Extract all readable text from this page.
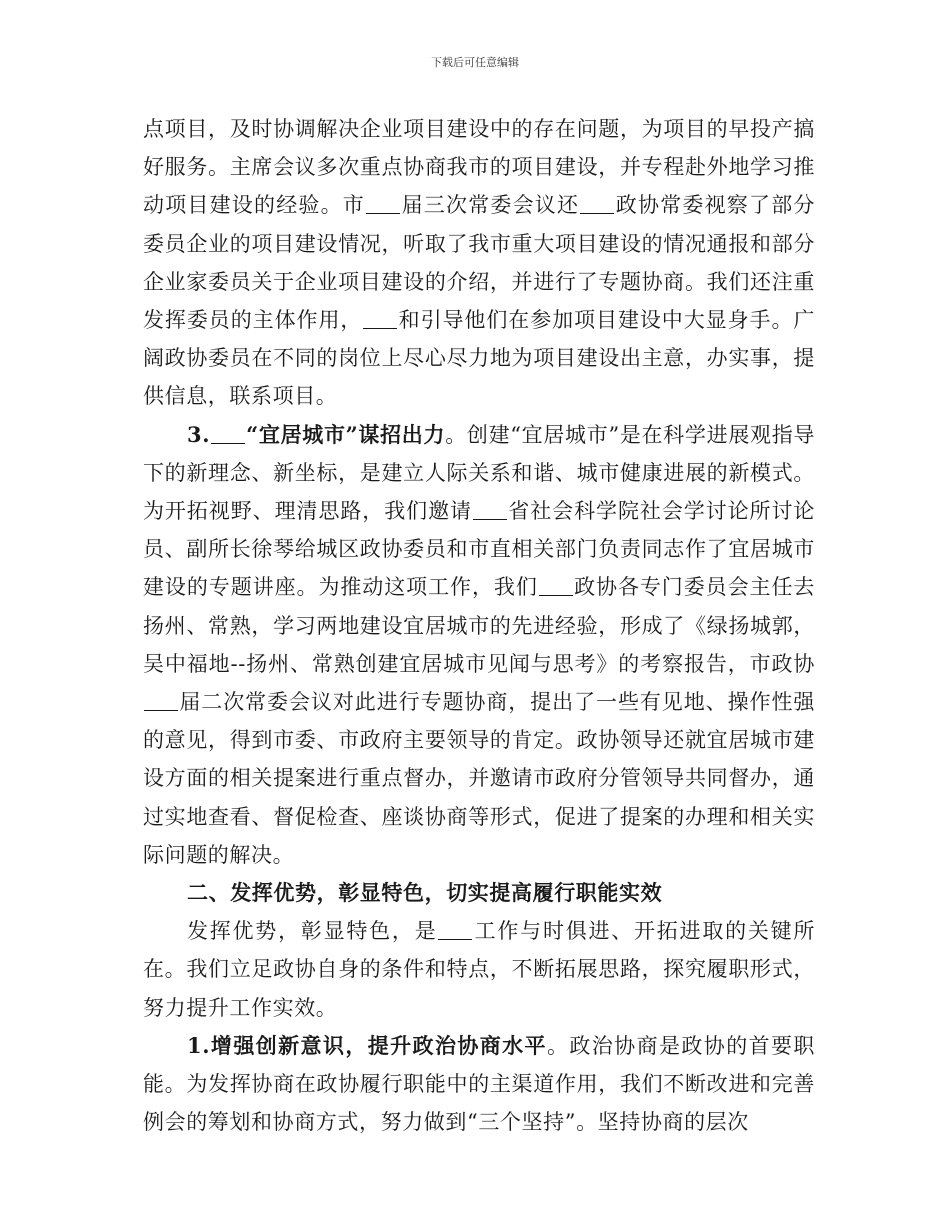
下载后可任意编辑

点项目，及时协调解决企业项目建设中的存在问题，为项目的早投产搞好服务。主席会议多次重点协商我市的项目建设，并专程赴外地学习推动项目建设的经验。市 届三次常委会议还 政协常委视察了部分委员企业的项目建设情况，听取了我市重大项目建设的情况通报和部分企业家委员关于企业项目建设的介绍，并进行了专题协商。我们还注重发挥委员的主体作用， 和引导他们在参加项目建设中大显身手。广阔政协委员在不同的岗位上尽心尽力地为项目建设出主意，办实事，提供信息，联系项目。

3. “宜居城市”谋招出力。创建“宜居城市”是在科学进展观指导下的新理念、新坐标，是建立人际关系和谐、城市健康进展的新模式。为开拓视野、理清思路，我们邀请 省社会科学院社会学讨论所讨论员、副所长徐琴给城区政协委员和市直相关部门负责同志作了宜居城市建设的专题讲座。为推动这项工作，我们 政协各专门委员会主任去扬州、常熟，学习两地建设宜居城市的先进经验，形成了《绿扬城郭，吴中福地--扬州、常熟创建宜居城市见闻与思考》的考察报告，市政协届二次常委会议对此进行专题协商，提出了一些有见地、操作性强的意见，得到市委、市政府主要领导的肯定。政协领导还就宜居城市建设方面的相关提案进行重点督办，并邀请市政府分管领导共同督办，通过实地查看、督促检查、座谈协商等形式，促进了提案的办理和相关实际问题的解决。

二、发挥优势，彰显特色，切实提高履行职能实效

发挥优势，彰显特色，是 工作与时俱进、开拓进取的关键所在。我们立足政协自身的条件和特点，不断拓展思路，探究履职形式，努力提升工作实效。

1.增强创新意识，提升政治协商水平。政治协商是政协的首要职能。为发挥协商在政协履行职能中的主渠道作用，我们不断改进和完善例会的筹划和协商方式，努力做到“三个坚持”。坚持协商的层次
